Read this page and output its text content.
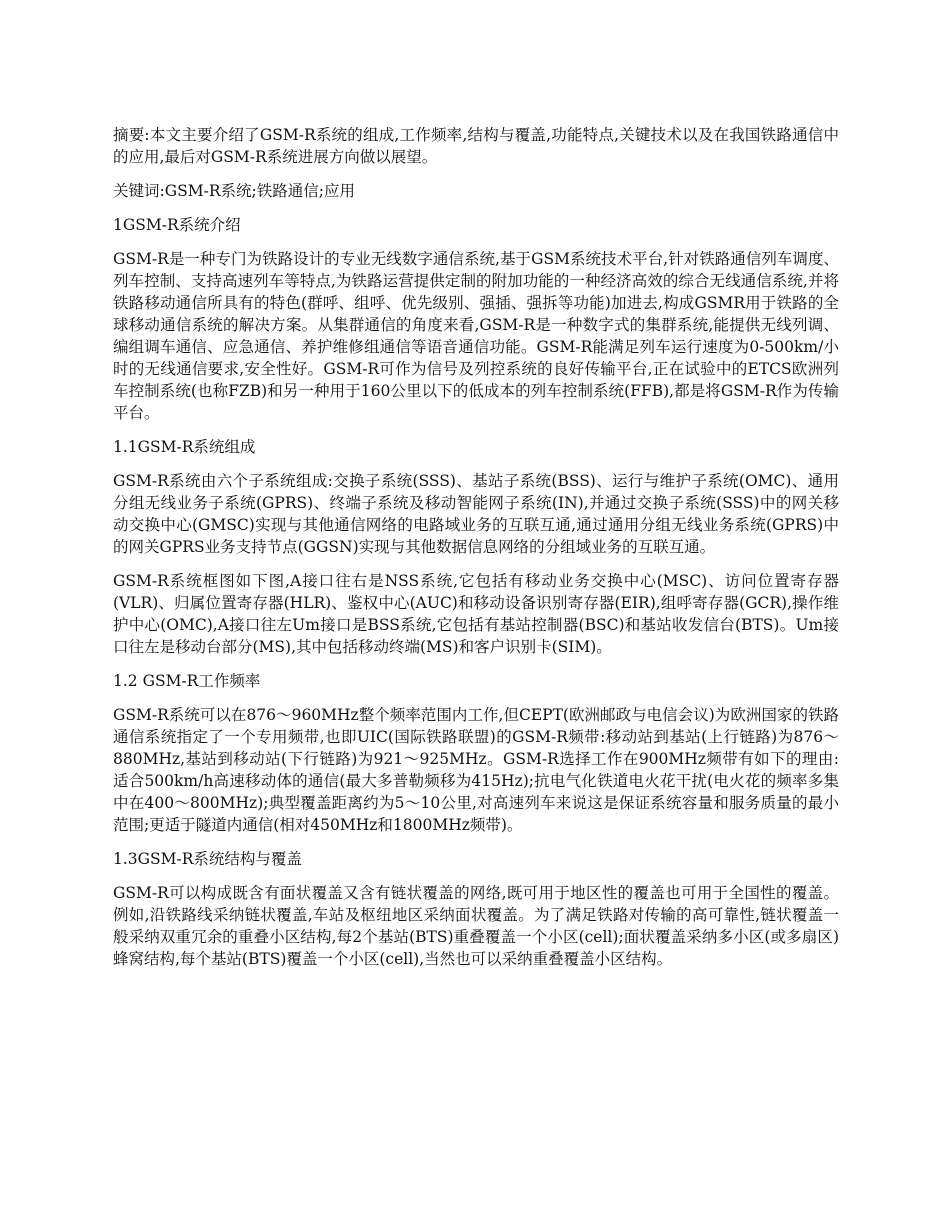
摘要:本文主要介绍了GSM-R系统的组成,工作频率,结构与覆盖,功能特点,关键技术以及在我国铁路通信中的应用,最后对GSM-R系统进展方向做以展望。

关键词:GSM-R系统;铁路通信;应用

1GSM-R系统介绍

GSM-R是一种专门为铁路设计的专业无线数字通信系统,基于GSM系统技术平台,针对铁路通信列车调度、列车控制、支持高速列车等特点,为铁路运营提供定制的附加功能的一种经济高效的综合无线通信系统,并将铁路移动通信所具有的特色(群呼、组呼、优先级别、强插、强拆等功能)加进去,构成GSMR用于铁路的全球移动通信系统的解决方案。从集群通信的角度来看,GSM-R是一种数字式的集群系统,能提供无线列调、编组调车通信、应急通信、养护维修组通信等语音通信功能。GSM-R能满足列车运行速度为0-500km/小时的无线通信要求,安全性好。GSM-R可作为信号及列控系统的良好传输平台,正在试验中的ETCS欧洲列车控制系统(也称FZB)和另一种用于160公里以下的低成本的列车控制系统(FFB),都是将GSM-R作为传输平台。

1.1GSM-R系统组成

GSM-R系统由六个子系统组成:交换子系统(SSS)、基站子系统(BSS)、运行与维护子系统(OMC)、通用分组无线业务子系统(GPRS)、终端子系统及移动智能网子系统(IN),并通过交换子系统(SSS)中的网关移动交换中心(GMSC)实现与其他通信网络的电路域业务的互联互通,通过通用分组无线业务系统(GPRS)中的网关GPRS业务支持节点(GGSN)实现与其他数据信息网络的分组域业务的互联互通。

GSM-R系统框图如下图,A接口往右是NSS系统,它包括有移动业务交换中心(MSC)、访问位置寄存器(VLR)、归属位置寄存器(HLR)、鉴权中心(AUC)和移动设备识别寄存器(EIR),组呼寄存器(GCR),操作维护中心(OMC),A接口往左Um接口是BSS系统,它包括有基站控制器(BSC)和基站收发信台(BTS)。Um接口往左是移动台部分(MS),其中包括移动终端(MS)和客户识别卡(SIM)。

1.2 GSM-R工作频率

GSM-R系统可以在876～960MHz整个频率范围内工作,但CEPT(欧洲邮政与电信会议)为欧洲国家的铁路通信系统指定了一个专用频带,也即UIC(国际铁路联盟)的GSM-R频带:移动站到基站(上行链路)为876～880MHz,基站到移动站(下行链路)为921～925MHz。GSM-R选择工作在900MHz频带有如下的理由:适合500km/h高速移动体的通信(最大多普勒频移为415Hz);抗电气化铁道电火花干扰(电火花的频率多集中在400～800MHz);典型覆盖距离约为5～10公里,对高速列车来说这是保证系统容量和服务质量的最小范围;更适于隧道内通信(相对450MHz和1800MHz频带)。

1.3GSM-R系统结构与覆盖

GSM-R可以构成既含有面状覆盖又含有链状覆盖的网络,既可用于地区性的覆盖也可用于全国性的覆盖。例如,沿铁路线采纳链状覆盖,车站及枢纽地区采纳面状覆盖。为了满足铁路对传输的高可靠性,链状覆盖一般采纳双重冗余的重叠小区结构,每2个基站(BTS)重叠覆盖一个小区(cell);面状覆盖采纳多小区(或多扇区)蜂窝结构,每个基站(BTS)覆盖一个小区(cell),当然也可以采纳重叠覆盖小区结构。
